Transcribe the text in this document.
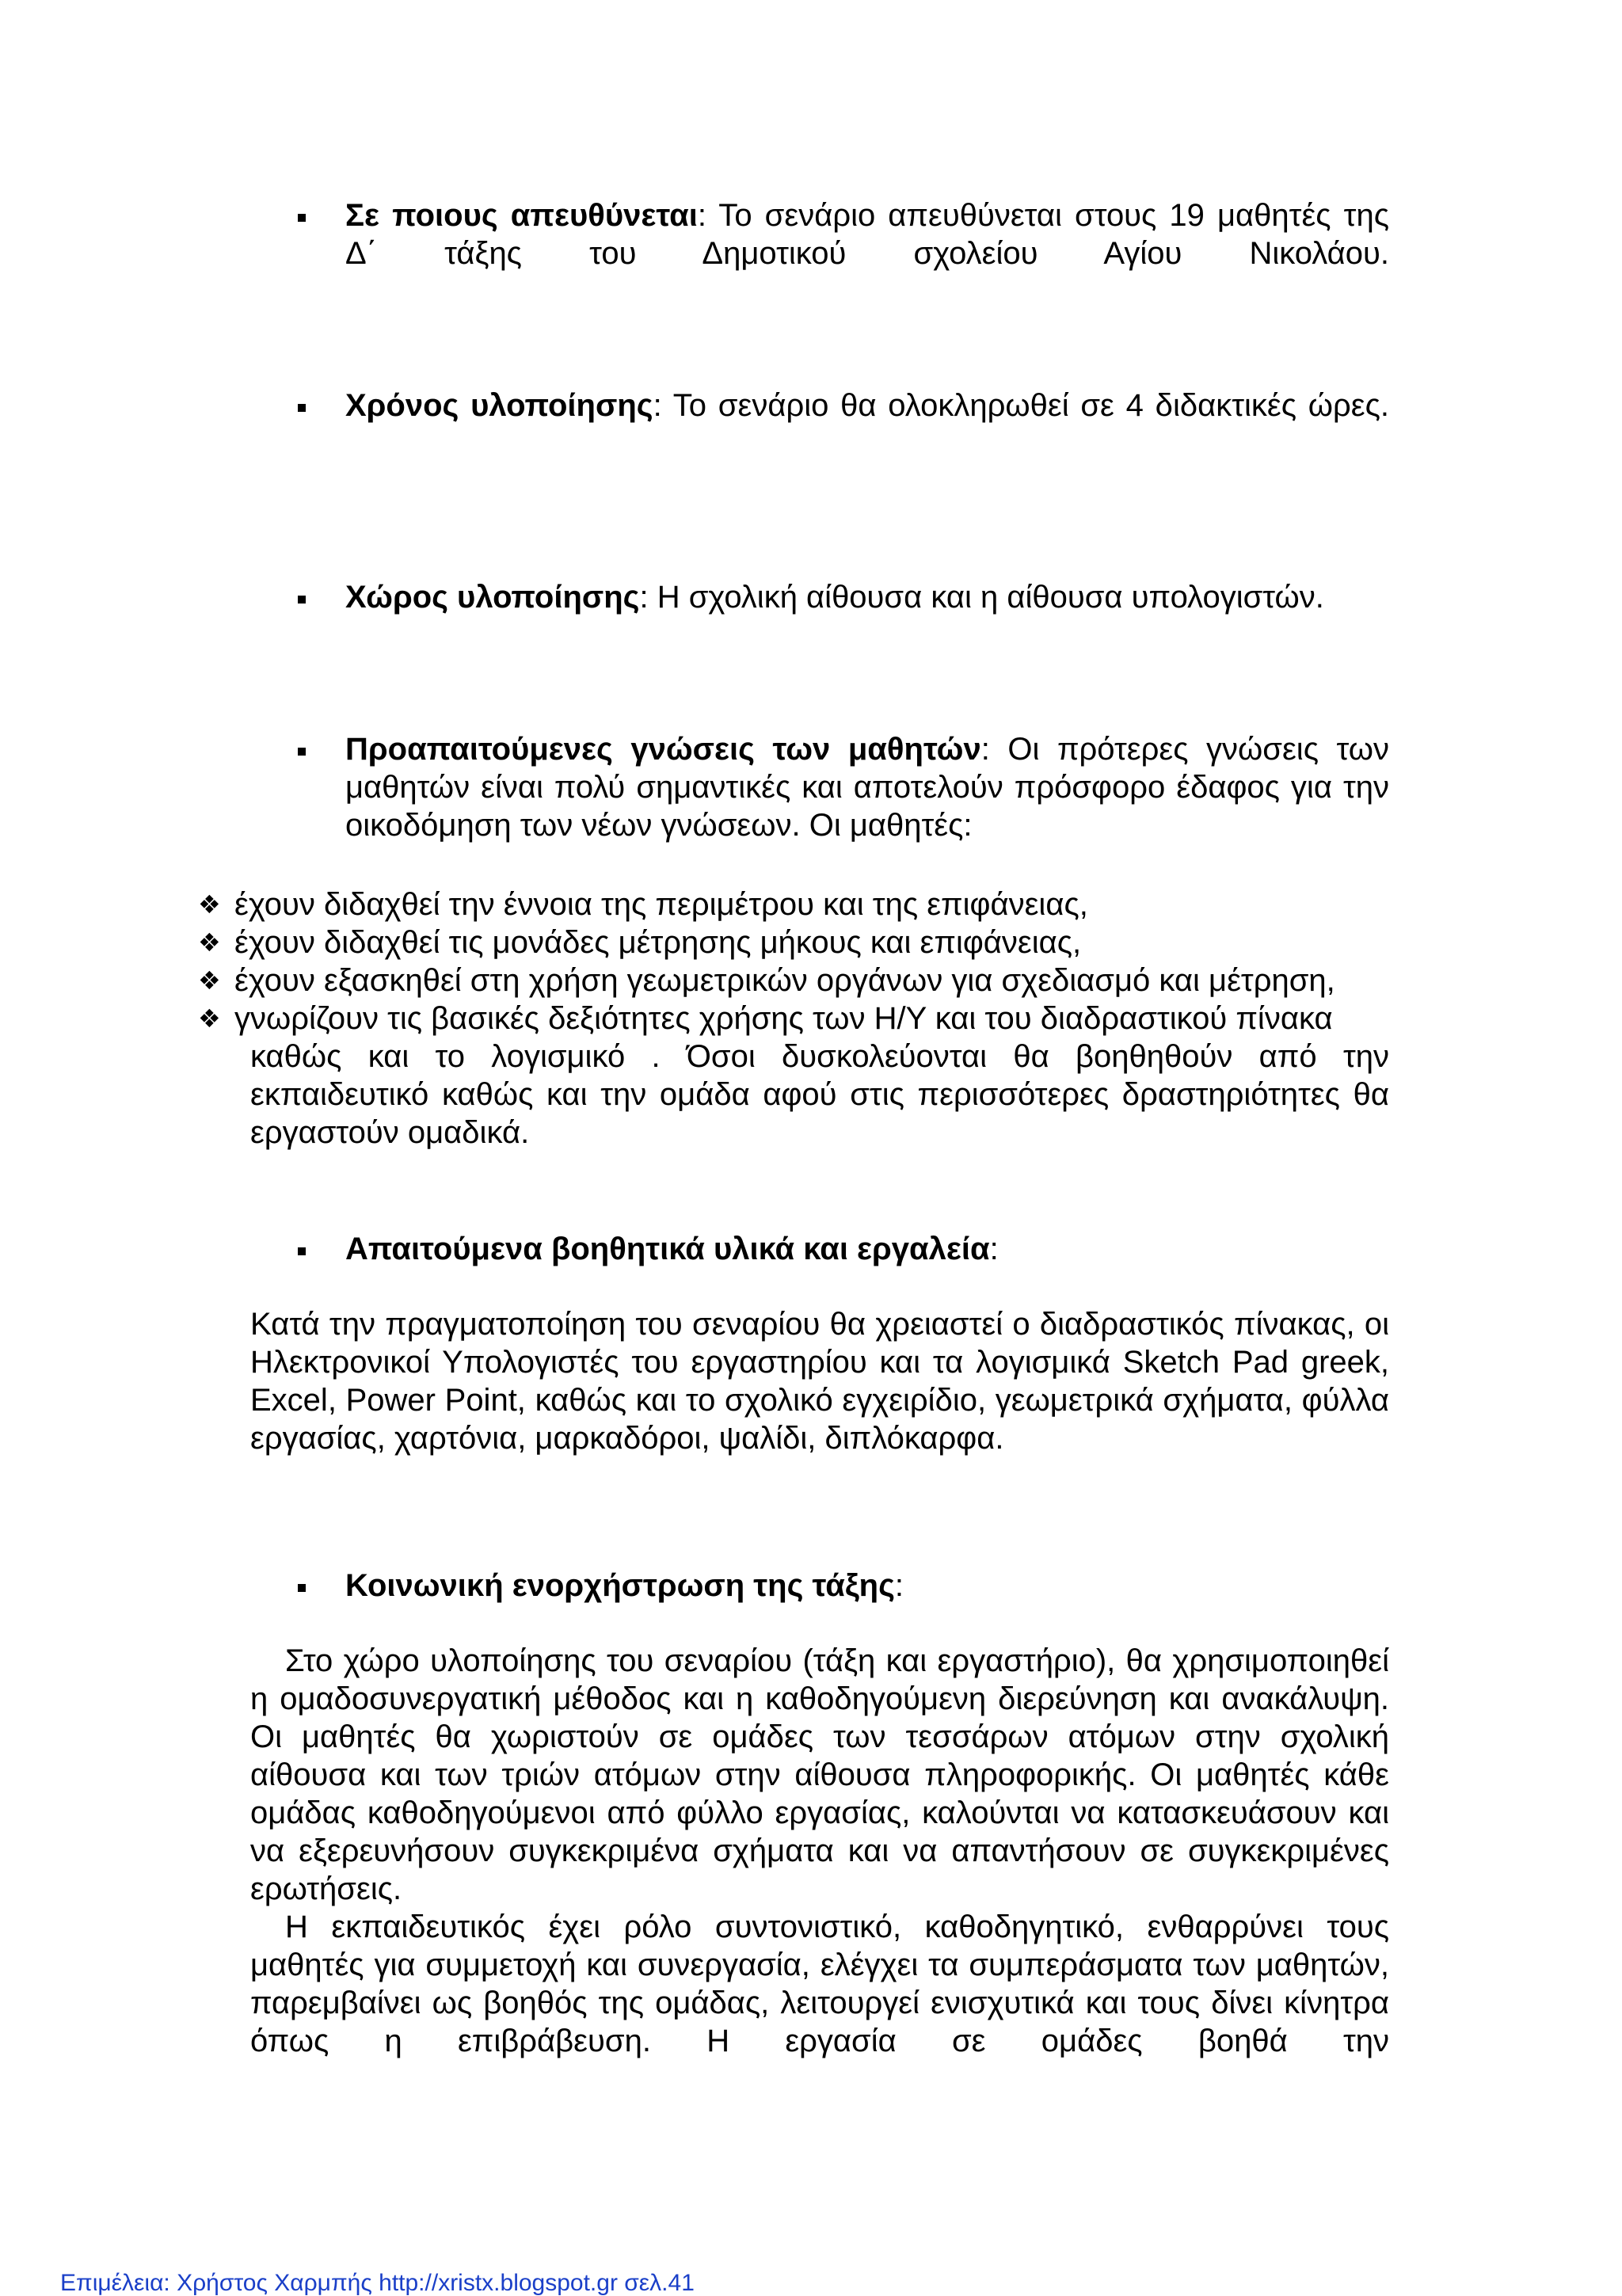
Σε ποιους απευθύνεται: Το σενάριο απευθύνεται στους 19 μαθητές της Δ΄ τάξης του Δημοτικού σχολείου Αγίου Νικολάου.

Χρόνος υλοποίησης: Το σενάριο θα ολοκληρωθεί σε 4 διδακτικές ώρες.

Χώρος υλοποίησης: Η σχολική αίθουσα και η αίθουσα υπολογιστών.

Προαπαιτούμενες γνώσεις των μαθητών: Οι πρότερες γνώσεις των μαθητών είναι πολύ σημαντικές και αποτελούν πρόσφορο έδαφος για την οικοδόμηση των νέων γνώσεων. Οι μαθητές:

❖ έχουν διδαχθεί την έννοια της περιμέτρου και της επιφάνειας,

❖ έχουν διδαχθεί τις μονάδες μέτρησης μήκους και επιφάνειας,

❖ έχουν εξασκηθεί στη χρήση γεωμετρικών οργάνων για σχεδιασμό και μέτρηση,

❖ γνωρίζουν τις βασικές δεξιότητες χρήσης των Η/Υ και του διαδραστικού πίνακα

καθώς και το λογισμικό . Όσοι δυσκολεύονται θα βοηθηθούν από την εκπαιδευτικό καθώς και την ομάδα αφού στις περισσότερες δραστηριότητες θα εργαστούν ομαδικά.

Απαιτούμενα βοηθητικά υλικά και εργαλεία:

Κατά την πραγματοποίηση του σεναρίου θα χρειαστεί ο διαδραστικός πίνακας, οι Ηλεκτρονικοί Υπολογιστές του εργαστηρίου και τα λογισμικά Sketch Pad greek, Excel, Power Point, καθώς και το σχολικό εγχειρίδιο, γεωμετρικά σχήματα, φύλλα εργασίας, χαρτόνια, μαρκαδόροι, ψαλίδι, διπλόκαρφα.

Κοινωνική ενορχήστρωση της τάξης:

Στο χώρο υλοποίησης του σεναρίου (τάξη και εργαστήριο), θα χρησιμοποιηθεί η ομαδοσυνεργατική μέθοδος και η καθοδηγούμενη διερεύνηση και ανακάλυψη. Οι μαθητές θα χωριστούν σε ομάδες των τεσσάρων ατόμων στην σχολική αίθουσα και των τριών ατόμων στην αίθουσα πληροφορικής. Οι μαθητές κάθε ομάδας καθοδηγούμενοι από φύλλο εργασίας, καλούνται να κατασκευάσουν και να εξερευνήσουν συγκεκριμένα σχήματα και να απαντήσουν σε συγκεκριμένες ερωτήσεις.

Η εκπαιδευτικός έχει ρόλο συντονιστικό, καθοδηγητικό, ενθαρρύνει τους μαθητές για συμμετοχή και συνεργασία, ελέγχει τα συμπεράσματα των μαθητών, παρεμβαίνει ως βοηθός της ομάδας, λειτουργεί ενισχυτικά και τους δίνει κίνητρα όπως η επιβράβευση. Η εργασία σε ομάδες βοηθά την

Επιμέλεια: Χρήστος Χαρμπής http://xristx.blogspot.gr σελ.41
